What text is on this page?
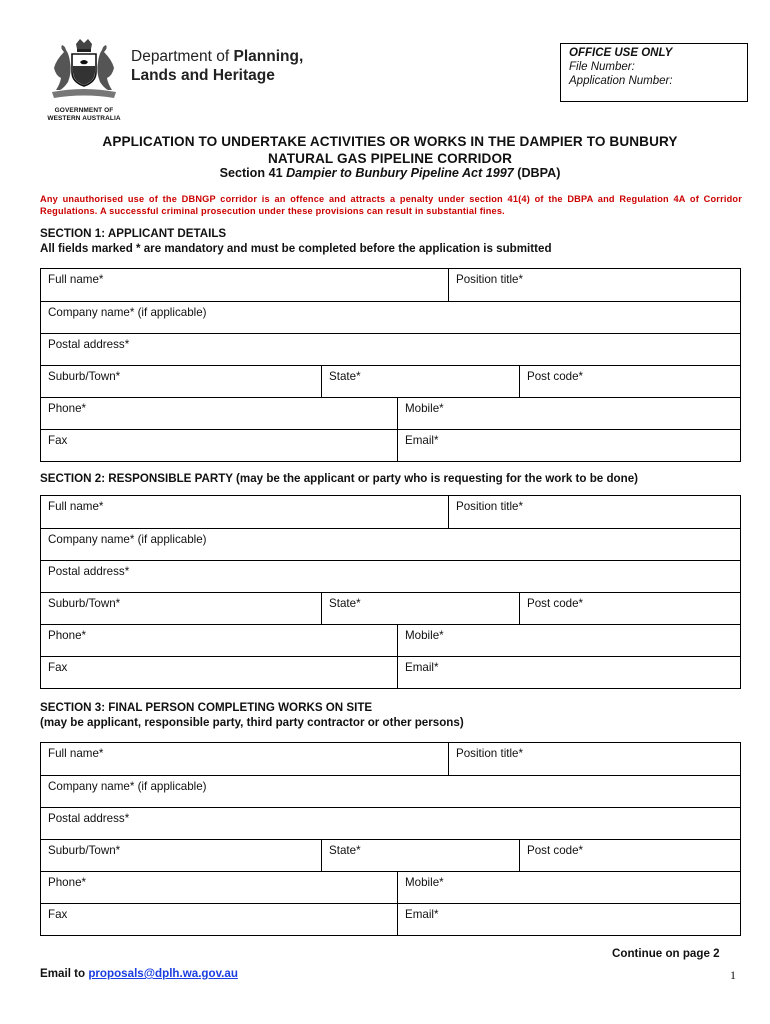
GOVERNMENT OF
WESTERN AUSTRALIA
Department of Planning,
Lands and Heritage
OFFICE USE ONLY
File Number:
Application Number:
APPLICATION TO UNDERTAKE ACTIVITIES OR WORKS IN THE DAMPIER TO BUNBURY
NATURAL GAS PIPELINE CORRIDOR
Section 41 Dampier to Bunbury Pipeline Act 1997 (DBPA)
Any unauthorised use of the DBNGP corridor is an offence and attracts a penalty under section 41(4) of the DBPA and Regulation 4A of Corridor Regulations. A successful criminal prosecution under these provisions can result in substantial fines.
SECTION 1: APPLICANT DETAILS
All fields marked * are mandatory and must be completed before the application is submitted
Full name*	Position title*
Company name* (if applicable)
Postal address*
Suburb/Town*	State*	Post code*
Phone*	Mobile*
Fax	Email*
SECTION 2: RESPONSIBLE PARTY (may be the applicant or party who is requesting for the work to be done)
Full name*	Position title*
Company name* (if applicable)
Postal address*
Suburb/Town*	State*	Post code*
Phone*	Mobile*
Fax	Email*
SECTION 3: FINAL PERSON COMPLETING WORKS ON SITE
(may be applicant, responsible party, third party contractor or other persons)
Full name*	Position title*
Company name* (if applicable)
Postal address*
Suburb/Town*	State*	Post code*
Phone*	Mobile*
Fax	Email*
Continue on page 2
Email to proposals@dplh.wa.gov.au	1
